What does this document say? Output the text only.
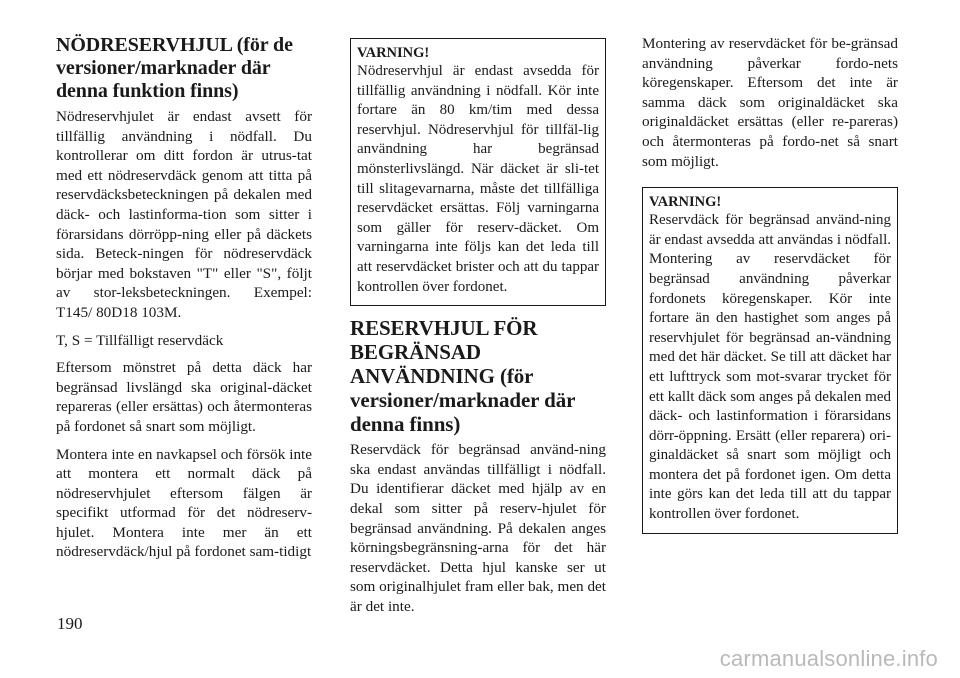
NÖDRESERVHJUL (för de versioner/marknader där denna funktion finns)

Nödreservhjulet är endast avsett för tillfällig användning i nödfall. Du kontrollerar om ditt fordon är utrus-tat med ett nödreservdäck genom att titta på reservdäcksbeteckningen på dekalen med däck- och lastinforma-tion som sitter i förarsidans dörröpp-ning eller på däckets sida. Beteck-ningen för nödreservdäck börjar med bokstaven "T" eller "S", följt av stor-leksbeteckningen. Exempel: T145/ 80D18 103M.

T, S = Tillfälligt reservdäck

Eftersom mönstret på detta däck har begränsad livslängd ska original-däcket repareras (eller ersättas) och återmonteras på fordonet så snart som möjligt.

Montera inte en navkapsel och försök inte att montera ett normalt däck på nödreservhjulet eftersom fälgen är specifikt utformad för det nödreserv-hjulet. Montera inte mer än ett nödreservdäck/hjul på fordonet sam-tidigt

VARNING!

Nödreservhjul är endast avsedda för tillfällig användning i nödfall. Kör inte fortare än 80 km/tim med dessa reservhjul. Nödreservhjul för tillfäl-lig användning har begränsad mönsterlivslängd. När däcket är sli-tet till slitagevarnarna, måste det tillfälliga reservdäcket ersättas. Följ varningarna som gäller för reserv-däcket. Om varningarna inte följs kan det leda till att reservdäcket brister och att du tappar kontrollen över fordonet.

RESERVHJUL FÖR BEGRÄNSAD ANVÄNDNING (för versioner/marknader där denna finns)

Reservdäck för begränsad använd-ning ska endast användas tillfälligt i nödfall. Du identifierar däcket med hjälp av en dekal som sitter på reserv-hjulet för begränsad användning. På dekalen anges körningsbegränsning-arna för det här reservdäcket. Detta hjul kanske ser ut som originalhjulet fram eller bak, men det är det inte.

Montering av reservdäcket för be-gränsad användning påverkar fordo-nets köregenskaper. Eftersom det inte är samma däck som originaldäcket ska originaldäcket ersättas (eller re-pareras) och återmonteras på fordo-net så snart som möjligt.

VARNING!

Reservdäck för begränsad använd-ning är endast avsedda att användas i nödfall. Montering av reservdäcket för begränsad användning påverkar fordonets köregenskaper. Kör inte fortare än den hastighet som anges på reservhjulet för begränsad an-vändning med det här däcket. Se till att däcket har ett lufttryck som mot-svarar trycket för ett kallt däck som anges på dekalen med däck- och lastinformation i förarsidans dörr-öppning. Ersätt (eller reparera) ori-ginaldäcket så snart som möjligt och montera det på fordonet igen. Om detta inte görs kan det leda till att du tappar kontrollen över fordonet.

190
carmanualsonline.info
